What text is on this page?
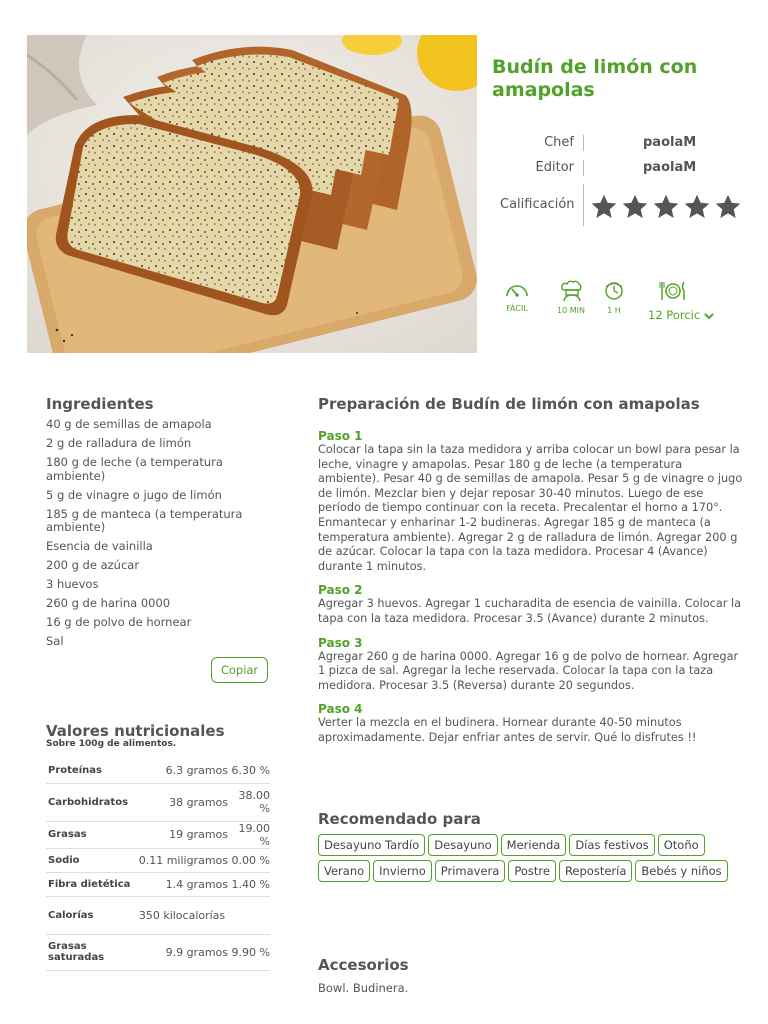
Budín de limón con amapolas
Chef	paolaM
Editor	paolaM
Calificación
FÁCIL	10 MIN	1 H	12 Porcic
Ingredientes
40 g de semillas de amapola
2 g de ralladura de limón
180 g de leche (a temperatura ambiente)
5 g de vinagre o jugo de limón
185 g de manteca (a temperatura ambiente)
Esencia de vainilla
200 g de azúcar
3 huevos
260 g de harina 0000
16 g de polvo de hornear
Sal
Copiar
Valores nutricionales

Sobre 100g de alimentos.

Proteínas	6.3 gramos	6.30 %
Carbohidratos	38 gramos	38.00 %
Grasas	19 gramos	19.00 %
Sodio	0.11 miligramos	0.00 %
Fibra dietética	1.4 gramos	1.40 %
Calorías	350 kilocalorías	
Grasas saturadas	9.9 gramos	9.90 %
Preparación de Budín de limón con amapolas
Paso 1
Colocar la tapa sin la taza medidora y arriba colocar un bowl para pesar la leche, vinagre y amapolas. Pesar 180 g de leche (a temperatura ambiente). Pesar 40 g de semillas de amapola. Pesar 5 g de vinagre o jugo de limón. Mezclar bien y dejar reposar 30-40 minutos. Luego de ese período de tiempo continuar con la receta. Precalentar el horno a 170°. Enmantecar y enharinar 1-2 budineras. Agregar 185 g de manteca (a temperatura ambiente). Agregar 2 g de ralladura de limón. Agregar 200 g de azúcar. Colocar la tapa con la taza medidora. Procesar 4 (Avance) durante 1 minutos.
Paso 2
Agregar 3 huevos. Agregar 1 cucharadita de esencia de vainilla. Colocar la tapa con la taza medidora. Procesar 3.5 (Avance) durante 2 minutos.
Paso 3
Agregar 260 g de harina 0000. Agregar 16 g de polvo de hornear. Agregar 1 pizca de sal. Agregar la leche reservada. Colocar la tapa con la taza medidora. Procesar 3.5 (Reversa) durante 20 segundos.
Paso 4
Verter la mezcla en el budinera. Hornear durante 40-50 minutos aproximadamente. Dejar enfriar antes de servir. Qué lo disfrutes !!
Recomendado para
Desayuno Tardío	Desayuno	Merienda	Días festivos	Otoño
Verano	Invierno	Primavera	Postre	Repostería	Bebés y niños
Accesorios

Bowl. Budinera.
